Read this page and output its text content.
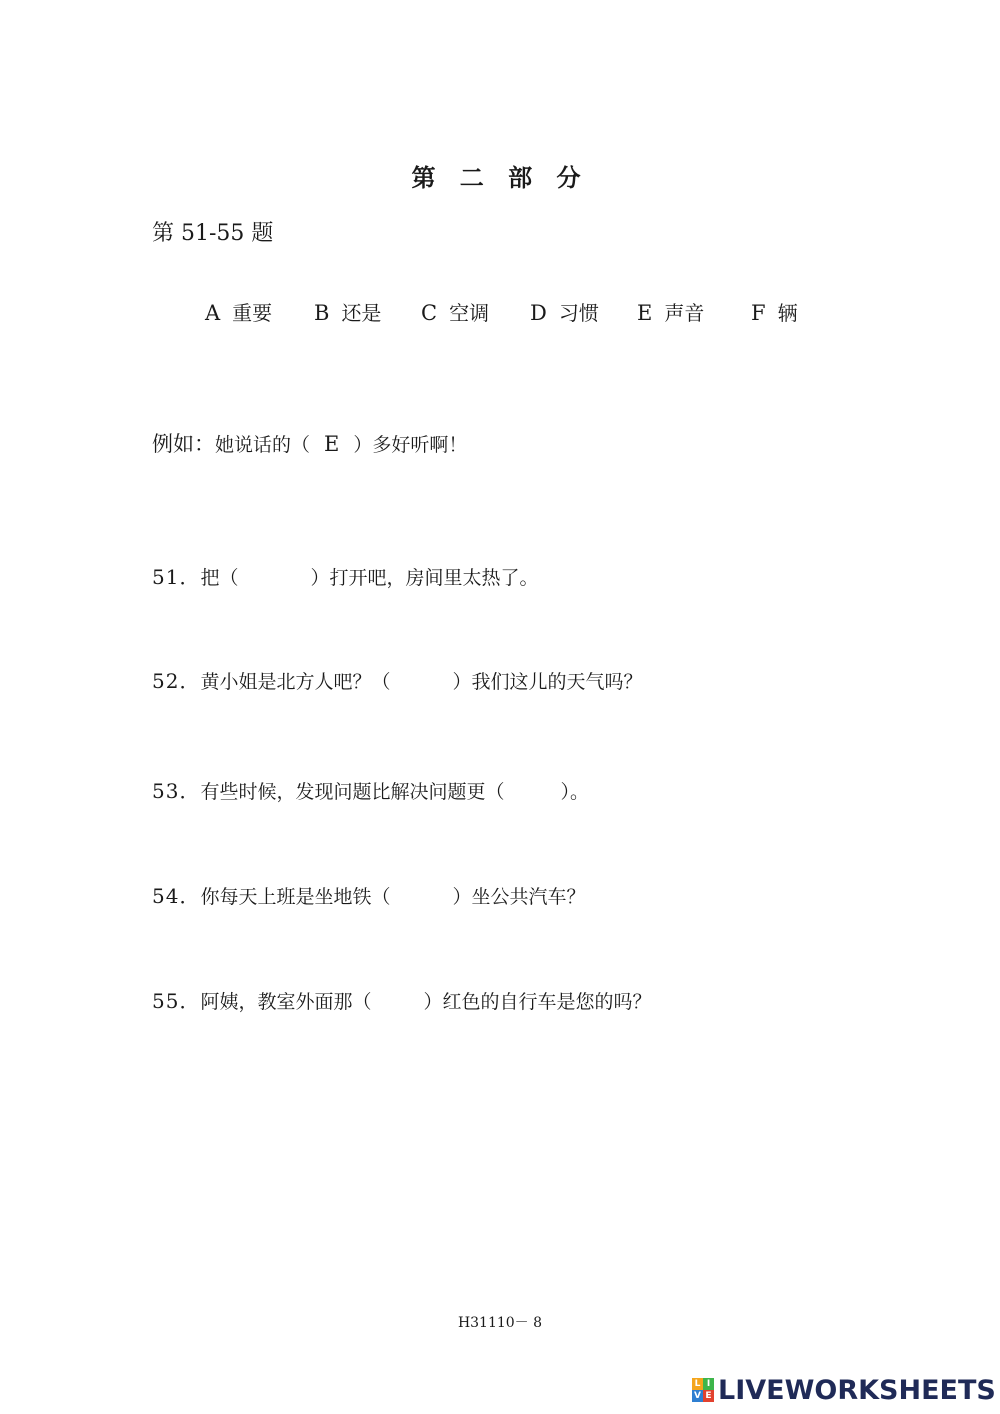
第 二 部 分
第 51-55 题
A 重要 B 还是 C 空调 D 习惯 E 声音 F 辆
例如：她说话的（ E ）多好听啊！
51．把（	）打开吧，房间里太热了。
52．黄小姐是北方人吧？（	）我们这儿的天气吗？
53．有些时候，发现问题比解决问题更（	）。
54．你每天上班是坐地铁（	）坐公共汽车？
55．阿姨，教室外面那（	）红色的自行车是您的吗？
H31110－ 8
L I
V E LIVEWORKSHEETS
